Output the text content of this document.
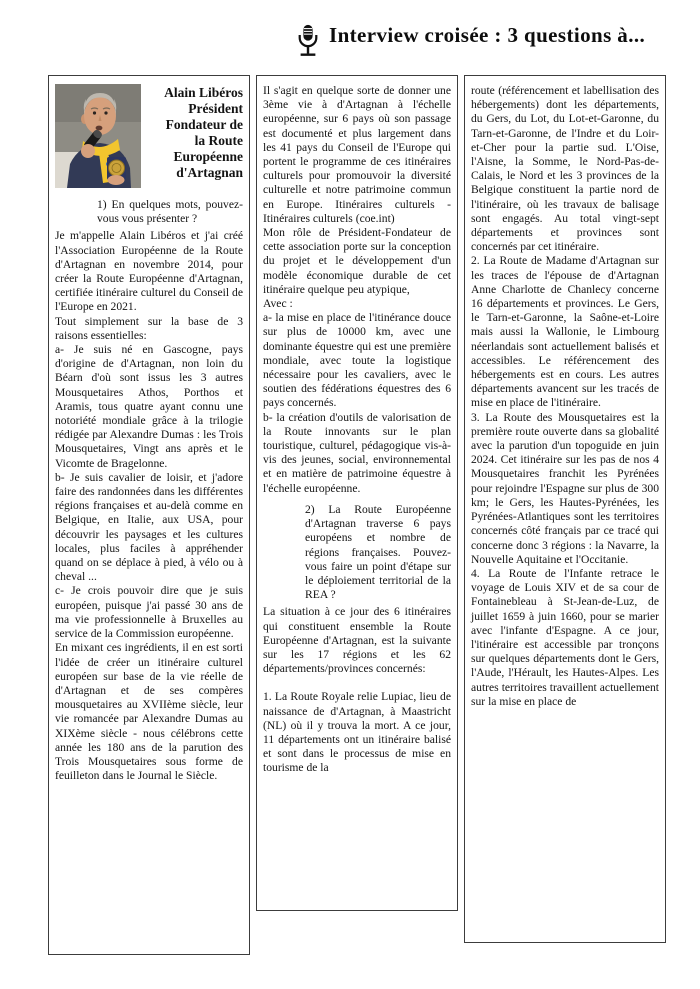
Interview croisée : 3 questions à...
Alain Libéros Président Fondateur de la Route Européenne d'Artagnan

1) En quelques mots, pouvez-vous vous présenter ?

Je m'appelle Alain Libéros et j'ai créé l'Association Européenne de la Route d'Artagnan en novembre 2014, pour créer la Route Européenne d'Artagnan, certifiée itinéraire culturel du Conseil de l'Europe en 2021.

Tout simplement sur la base de 3 raisons essentielles:

a- Je suis né en Gascogne, pays d'origine de d'Artagnan, non loin du Béarn d'où sont issus les 3 autres Mousquetaires Athos, Porthos et Aramis, tous quatre ayant connu une notoriété mondiale grâce à la trilogie rédigée par Alexandre Dumas : les Trois Mousquetaires, Vingt ans après et le Vicomte de Bragelonne.

b- Je suis cavalier de loisir, et j'adore faire des randonnées dans les différentes régions françaises et au-delà comme en Belgique, en Italie, aux USA, pour découvrir les paysages et les cultures locales, plus faciles à appréhender quand on se déplace à pied, à vélo ou à cheval ...

c- Je crois pouvoir dire que je suis européen, puisque j'ai passé 30 ans de ma vie professionnelle à Bruxelles au service de la Commission européenne.

En mixant ces ingrédients, il en est sorti l'idée de créer un itinéraire culturel européen sur base de la vie réelle de d'Artagnan et de ses compères mousquetaires au XVIIème siècle, leur vie romancée par Alexandre Dumas au XIXème siècle - nous célébrons cette année les 180 ans de la parution des Trois Mousquetaires sous forme de feuilleton dans le Journal le Siècle.

Il s'agit en quelque sorte de donner une 3ème vie à d'Artagnan à l'échelle européenne, sur 6 pays où son passage est documenté et plus largement dans les 41 pays du Conseil de l'Europe qui portent le programme de ces itinéraires culturels pour promouvoir la diversité culturelle et notre patrimoine commun en Europe. Itinéraires culturels - Itinéraires culturels (coe.int)

Mon rôle de Président-Fondateur de cette association porte sur la conception du projet et le développement d'un modèle économique durable de cet itinéraire quelque peu atypique,

Avec :

a- la mise en place de l'itinérance douce sur plus de 10000 km, avec une dominante équestre qui est une première mondiale, avec toute la logistique nécessaire pour les cavaliers, avec le soutien des fédérations équestres des 6 pays concernés.

b- la création d'outils de valorisation de la Route innovants sur le plan touristique, culturel, pédagogique vis-à-vis des jeunes, social, environnemental et en matière de patrimoine équestre à l'échelle européenne.

2) La Route Européenne d'Artagnan traverse 6 pays européens et nombre de régions françaises. Pouvez-vous faire un point d'étape sur le déploiement territorial de la REA ?

La situation à ce jour des 6 itinéraires qui constituent ensemble la Route Européenne d'Artagnan, est la suivante sur les 17 régions et les 62 départements/provinces concernés:

1. La Route Royale relie Lupiac, lieu de naissance de d'Artagnan, à Maastricht (NL) où il y trouva la mort. A ce jour, 11 départements ont un itinéraire balisé et sont dans le processus de mise en tourisme de la

route (référencement et labellisation des hébergements) dont les départements, du Gers, du Lot, du Lot-et-Garonne, du Tarn-et-Garonne, de l'Indre et du Loir-et-Cher pour la partie sud. L'Oise, l'Aisne, la Somme, le Nord-Pas-de-Calais, le Nord et les 3 provinces de la Belgique constituent la partie nord de l'itinéraire, où les travaux de balisage sont engagés. Au total vingt-sept départements et provinces sont concernés par cet itinéraire.

2. La Route de Madame d'Artagnan sur les traces de l'épouse de d'Artagnan Anne Charlotte de Chanlecy concerne 16 départements et provinces. Le Gers, le Tarn-et-Garonne, la Saône-et-Loire mais aussi la Wallonie, le Limbourg néerlandais sont actuellement balisés et accessibles. Le référencement des hébergements est en cours. Les autres départements avancent sur les tracés de mise en place de l'itinéraire.

3. La Route des Mousquetaires est la première route ouverte dans sa globalité avec la parution d'un topoguide en juin 2024. Cet itinéraire sur les pas de nos 4 Mousquetaires franchit les Pyrénées pour rejoindre l'Espagne sur plus de 300 km; le Gers, les Hautes-Pyrénées, les Pyrénées-Atlantiques sont les territoires concernés côté français par ce tracé qui concerne donc 3 régions : la Navarre, la Nouvelle Aquitaine et l'Occitanie.

4. La Route de l'Infante retrace le voyage de Louis XIV et de sa cour de Fontainebleau à St-Jean-de-Luz, de juillet 1659 à juin 1660, pour se marier avec l'infante d'Espagne. A ce jour, l'itinéraire est accessible par tronçons sur quelques départements dont le Gers, l'Aude, l'Hérault, les Hautes-Alpes. Les autres territoires travaillent actuellement sur la mise en place de
